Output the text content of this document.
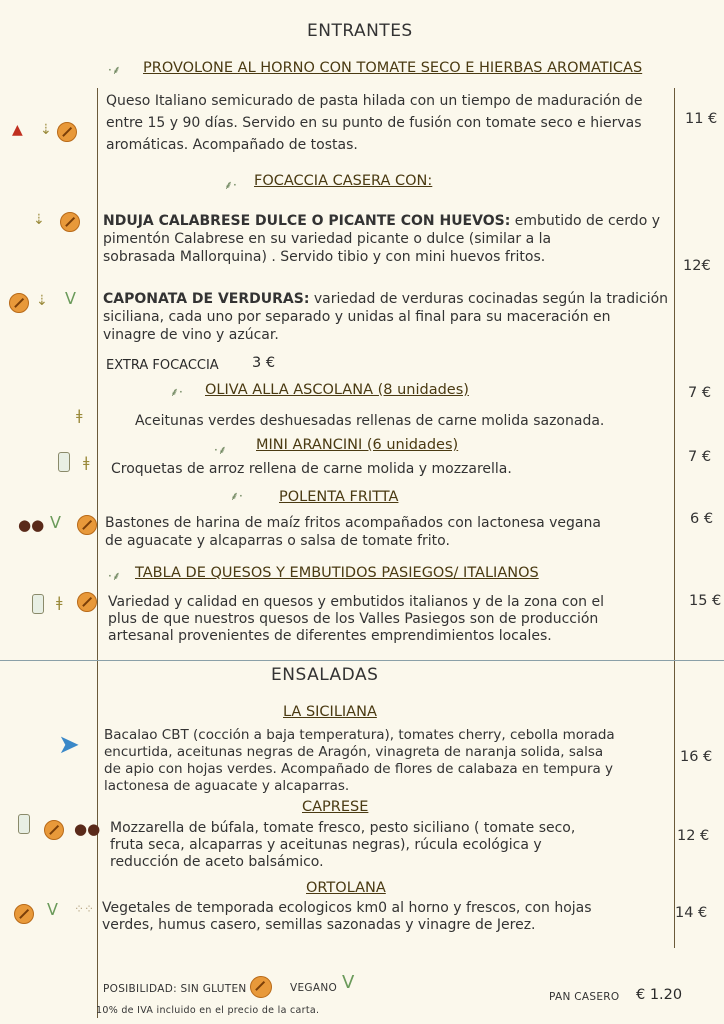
ENTRANTES
·⸙ PROVOLONE AL HORNO CON TOMATE SECO E HIERBAS AROMATICAS
Queso Italiano semicurado de pasta hilada con un tiempo de maduración de
entre 15 y 90 días. Servido en su punto de fusión con tomate seco e hiervas
aromáticas. Acompañado de tostas.
11 €
▲ ⇣
⸙· FOCACCIA CASERA CON:
⇣	NDUJA CALABRESE DULCE O PICANTE CON HUEVOS: embutido de cerdo y
pimentón Calabrese en su variedad picante o dulce (similar a la
sobrasada Mallorquina) . Servido tibio y con mini huevos fritos.
12€
⇣ ᐯ CAPONATA DE VERDURAS: variedad de verduras cocinadas según la tradición
siciliana, cada uno por separado y unidas al final para su maceración en
vinagre de vino y azúcar.
EXTRA FOCACCIA 3 €
⸙· OLIVA ALLA ASCOLANA (8 unidades)
ǂ	Aceitunas verdes deshuesadas rellenas de carne molida sazonada.
7 €
·⸙ MINI ARANCINI (6 unidades)
ǂ Croquetas de arroz rellena de carne molida y mozzarella.
7 €
⸙· POLENTA FRITTA
●● ᐯ	Bastones de harina de maíz fritos acompañados con lactonesa vegana
de aguacate y alcaparras o salsa de tomate frito.
6 €
·⸙ TABLA DE QUESOS Y EMBUTIDOS PASIEGOS/ ITALIANOS
ǂ	Variedad y calidad en quesos y embutidos italianos y de la zona con el
plus de que nuestros quesos de los Valles Pasiegos son de producción
artesanal provenientes de diferentes emprendimientos locales.
15 €
ENSALADAS
LA SICILIANA
➤ Bacalao CBT (cocción a baja temperatura), tomates cherry, cebolla morada
encurtida, aceitunas negras de Aragón, vinagreta de naranja solida, salsa
de apio con hojas verdes. Acompañado de flores de calabaza en tempura y
lactonesa de aguacate y alcaparras.
16 €
CAPRESE
●● Mozzarella de búfala, tomate fresco, pesto siciliano ( tomate seco,
fruta seca, alcaparras y aceitunas negras), rúcula ecológica y
reducción de aceto balsámico.
12 €
ORTOLANA
ᐯ ⁘⁘ Vegetales de temporada ecologicos km0 al horno y frescos, con hojas
verdes, humus casero, semillas sazonadas y vinagre de Jerez.
14 €
POSIBILIDAD: SIN GLUTEN	VEGANO ᐯ
PAN CASERO € 1.20
10% de IVA incluido en el precio de la carta.
